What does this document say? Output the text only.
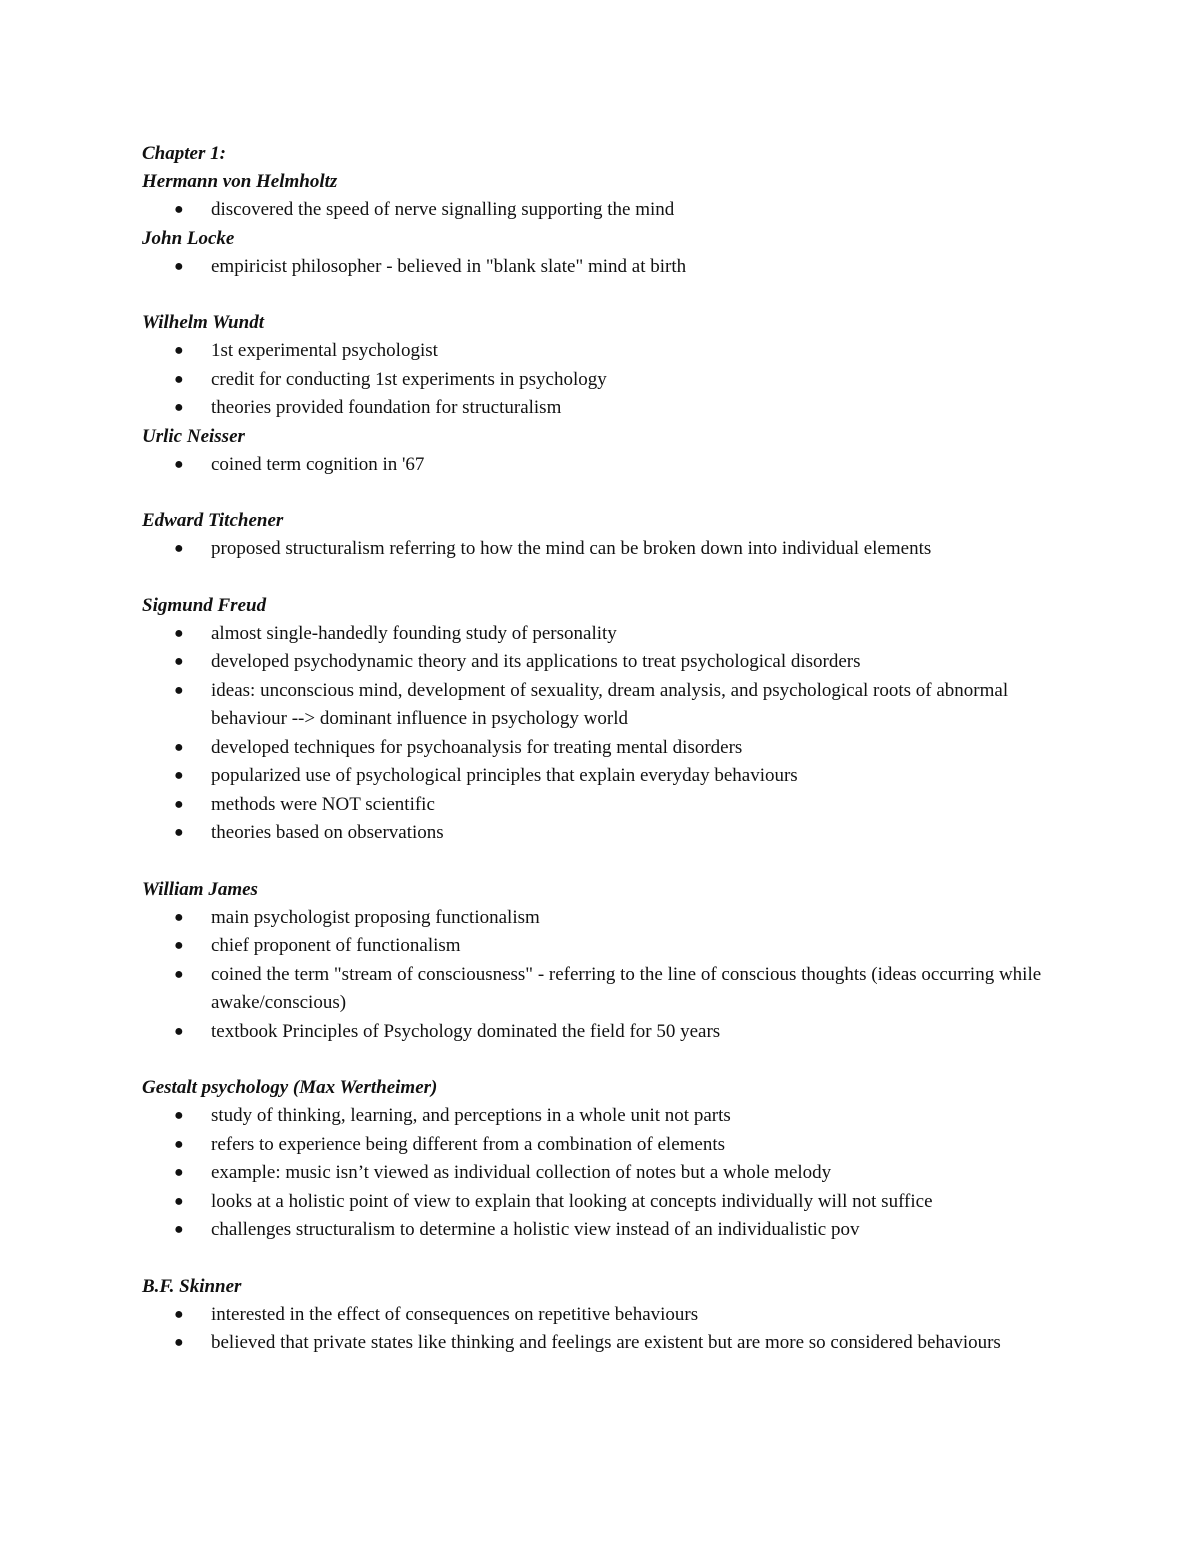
Chapter 1:

Hermann von Helmholtz

● discovered the speed of nerve signalling supporting the mind

John Locke

● empiricist philosopher - believed in "blank slate" mind at birth

Wilhelm Wundt

● 1st experimental psychologist
● credit for conducting 1st experiments in psychology
● theories provided foundation for structuralism

Urlic Neisser

● coined term cognition in '67

Edward Titchener

● proposed structuralism referring to how the mind can be broken down into individual elements

Sigmund Freud

● almost single-handedly founding study of personality
● developed psychodynamic theory and its applications to treat psychological disorders
● ideas: unconscious mind, development of sexuality, dream analysis, and psychological roots of abnormal behaviour --> dominant influence in psychology world
● developed techniques for psychoanalysis for treating mental disorders
● popularized use of psychological principles that explain everyday behaviours
● methods were NOT scientific
● theories based on observations

William James

● main psychologist proposing functionalism
● chief proponent of functionalism
● coined the term "stream of consciousness" - referring to the line of conscious thoughts (ideas occurring while awake/conscious)
● textbook Principles of Psychology dominated the field for 50 years

Gestalt psychology (Max Wertheimer)

● study of thinking, learning, and perceptions in a whole unit not parts
● refers to experience being different from a combination of elements
● example: music isn’t viewed as individual collection of notes but a whole melody
● looks at a holistic point of view to explain that looking at concepts individually will not suffice
● challenges structuralism to determine a holistic view instead of an individualistic pov

B.F. Skinner

● interested in the effect of consequences on repetitive behaviours
● believed that private states like thinking and feelings are existent but are more so considered behaviours
